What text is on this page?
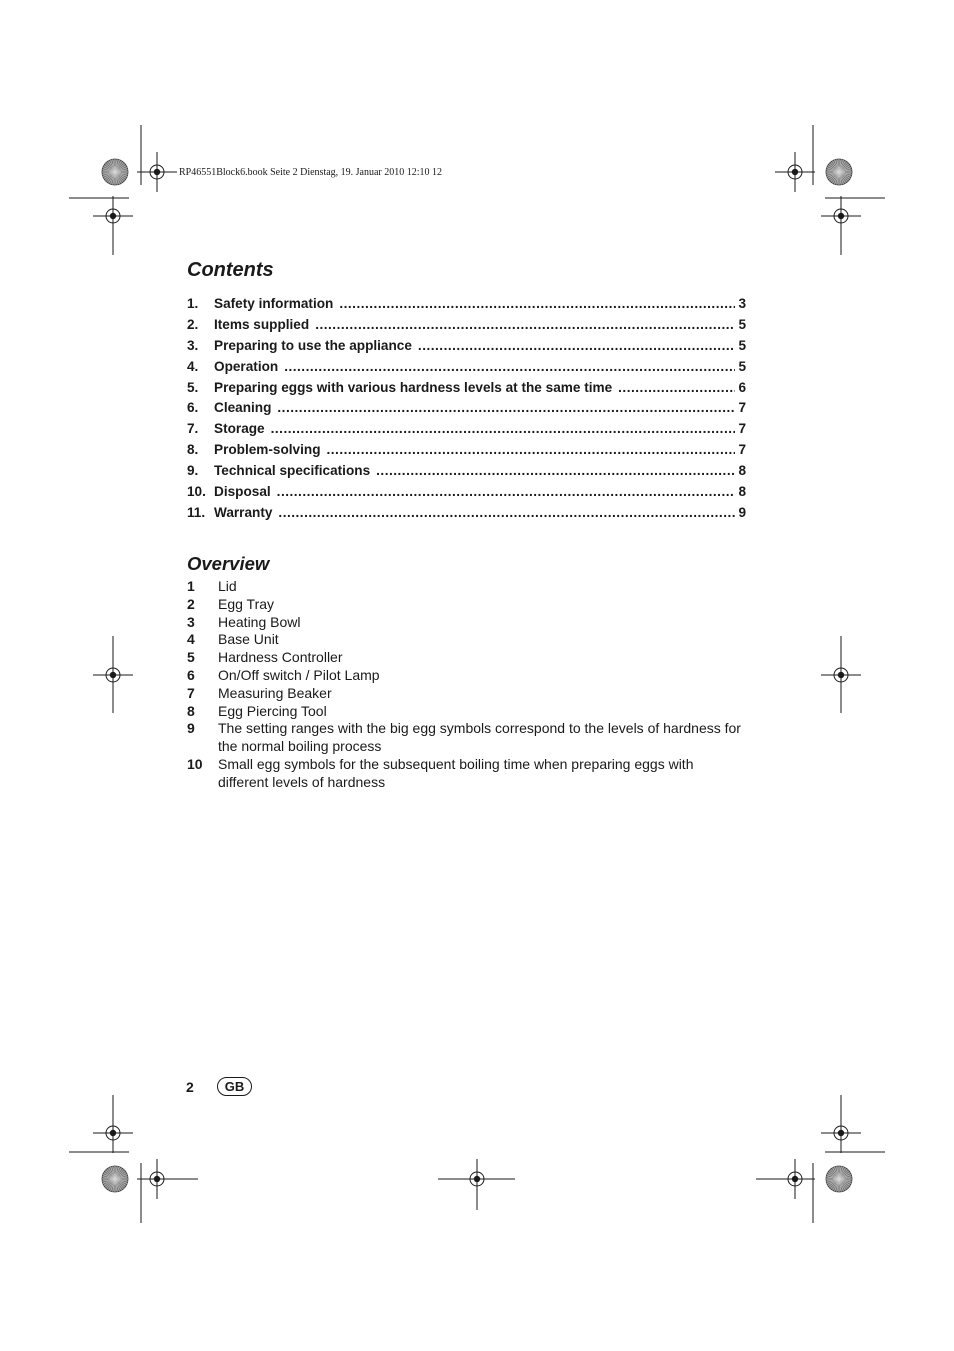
RP46551Block6.book Seite 2 Dienstag, 19. Januar 2010 12:10 12
Contents
1.	Safety information .....	3
2.	Items supplied .....	5
3.	Preparing to use the appliance .....	5
4.	Operation .....	5
5.	Preparing eggs with various hardness levels at the same time .....	6
6.	Cleaning .....	7
7.	Storage .....	7
8.	Problem-solving .....	7
9.	Technical specifications .....	8
10. Disposal .....	8
11. Warranty .....	9
Overview
1	Lid
2	Egg Tray
3	Heating Bowl
4	Base Unit
5	Hardness Controller
6	On/Off switch / Pilot Lamp
7	Measuring Beaker
8	Egg Piercing Tool
9	The setting ranges with the big egg symbols correspond to the levels of hardness for the normal boiling process
10	Small egg symbols for the subsequent boiling time when preparing eggs with different levels of hardness
2	GB
